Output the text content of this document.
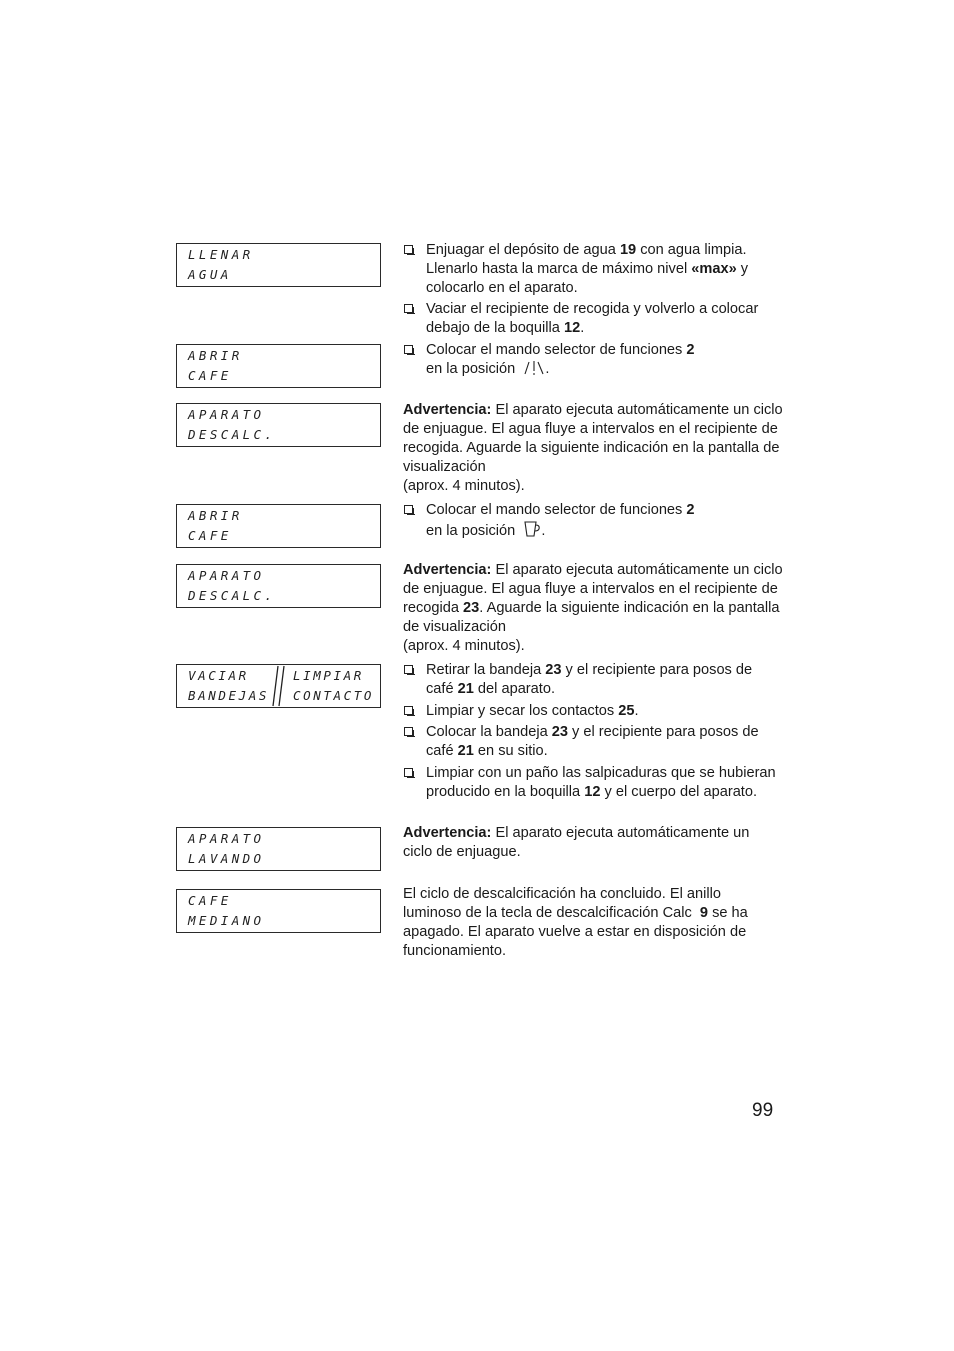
LLENAR
AGUA
ABRIR
CAFE
APARATO
DESCALC.
ABRIR
CAFE
APARATO
DESCALC.
VACIAR
BANDEJAS
LIMPIAR
CONTACTO
APARATO
LAVANDO
CAFE
MEDIANO
Enjuagar el depósito de agua 19 con agua limpia. Llenarlo hasta la marca de máximo nivel «max» y colocarlo en el aparato.
Vaciar el recipiente de recogida y volverlo a colocar debajo de la boquilla 12.
Colocar el mando selector de funciones 2
en la posición .
Advertencia: El aparato ejecuta automáticamente un ciclo de enjuague. El agua fluye a intervalos en el recipiente de recogida. Aguarde la siguiente indicación en la pantalla de visualización
(aprox. 4 minutos).
Colocar el mando selector de funciones 2
en la posición .
Advertencia: El aparato ejecuta automáticamente un ciclo de enjuague. El agua fluye a intervalos en el recipiente de recogida 23. Aguarde la siguiente indicación en la pantalla de visualización
(aprox. 4 minutos).
Retirar la bandeja 23 y el recipiente para posos de café 21 del aparato.
Limpiar y secar los contactos 25.
Colocar la bandeja 23 y el recipiente para posos de café 21 en su sitio.
Limpiar con un paño las salpicaduras que se hubieran producido en la boquilla 12 y el cuerpo del aparato.
Advertencia: El aparato ejecuta automáticamente un ciclo de enjuague.
El ciclo de descalcificación ha concluido. El anillo luminoso de la tecla de descalcificación Calc 9 se ha apagado. El aparato vuelve a estar en disposición de funcionamiento.
99
